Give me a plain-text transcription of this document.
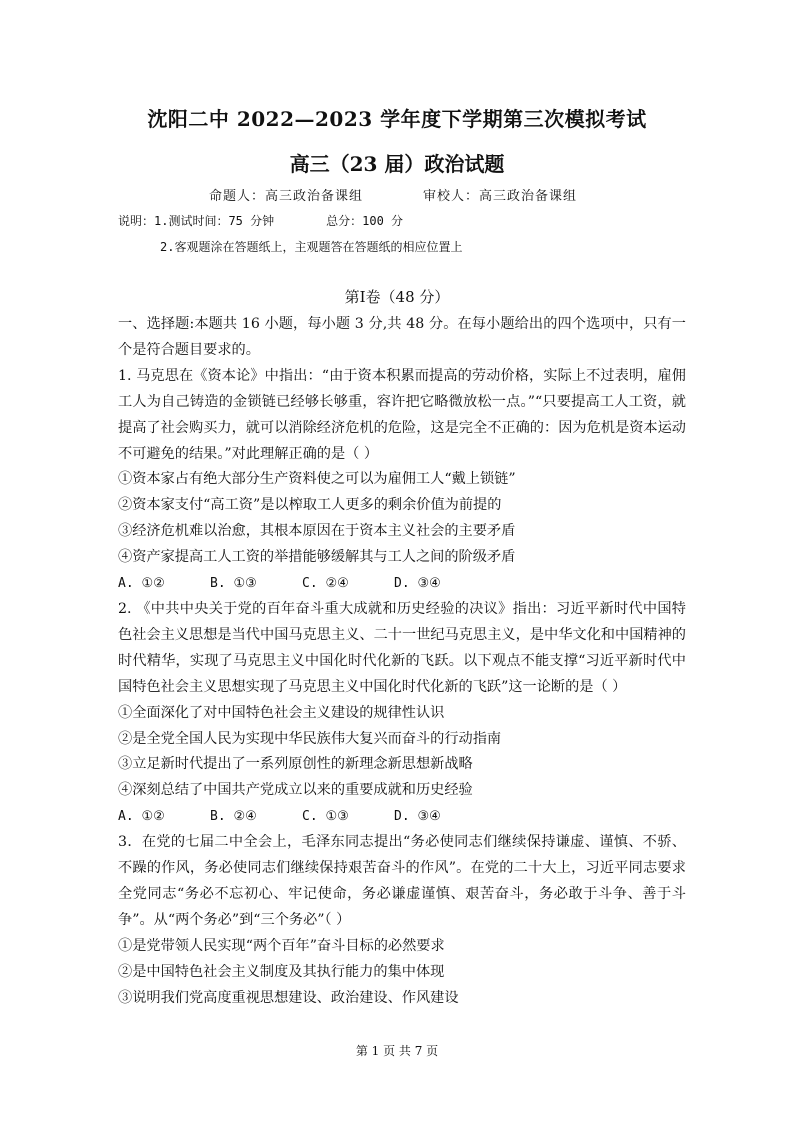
沈阳二中 2022—2023 学年度下学期第三次模拟考试
高三（23 届）政治试题
命题人：高三政治备课组	审校人：高三政治备课组
说明：1.测试时间：75 分钟	总分：100 分
2.客观题涂在答题纸上，主观题答在答题纸的相应位置上
第Ⅰ卷（48 分）

一、选择题:本题共 16 小题，每小题 3 分,共 48 分。在每小题给出的四个选项中，只有一个是符合题目要求的。

1. 马克思在《资本论》中指出：“由于资本积累而提高的劳动价格，实际上不过表明，雇佣工人为自己铸造的金锁链已经够长够重，容许把它略微放松一点。”“只要提高工人工资，就提高了社会购买力，就可以消除经济危机的危险，这是完全不正确的：因为危机是资本运动不可避免的结果。”对此理解正确的是（ ）

①资本家占有绝大部分生产资料使之可以为雇佣工人“戴上锁链”

②资本家支付“高工资”是以榨取工人更多的剩余价值为前提的

③经济危机难以治愈，其根本原因在于资本主义社会的主要矛盾

④资产家提高工人工资的举措能够缓解其与工人之间的阶级矛盾

A. ①②	B. ①③	C. ②④	D. ③④

2. 《中共中央关于党的百年奋斗重大成就和历史经验的决议》指出：习近平新时代中国特色社会主义思想是当代中国马克思主义、二十一世纪马克思主义，是中华文化和中国精神的时代精华，实现了马克思主义中国化时代化新的飞跃。以下观点不能支撑“习近平新时代中国特色社会主义思想实现了马克思主义中国化时代化新的飞跃”这一论断的是（ ）

①全面深化了对中国特色社会主义建设的规律性认识

②是全党全国人民为实现中华民族伟大复兴而奋斗的行动指南

③立足新时代提出了一系列原创性的新理念新思想新战略

④深刻总结了中国共产党成立以来的重要成就和历史经验

A. ①②	B. ②④	C. ①③	D. ③④

3．在党的七届二中全会上，毛泽东同志提出“务必使同志们继续保持谦虚、谨慎、不骄、不躁的作风，务必使同志们继续保持艰苦奋斗的作风”。在党的二十大上，习近平同志要求全党同志“务必不忘初心、牢记使命，务必谦虚谨慎、艰苦奋斗，务必敢于斗争、善于斗争”。从“两个务必”到“三个务必”（ ）

①是党带领人民实现“两个百年”奋斗目标的必然要求

②是中国特色社会主义制度及其执行能力的集中体现

③说明我们党高度重视思想建设、政治建设、作风建设

第 1 页 共 7 页
